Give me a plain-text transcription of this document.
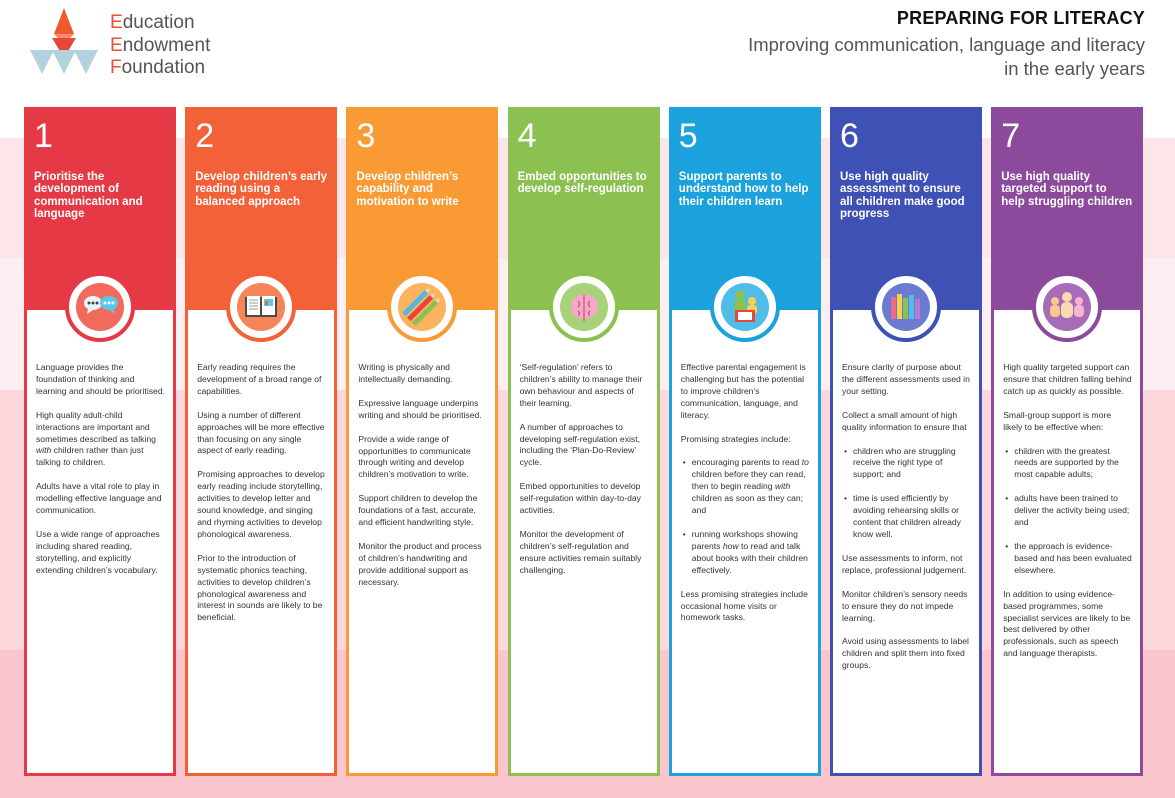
Education
Endowment
Foundation
PREPARING FOR LITERACY
Improving communication, language and literacy in the early years
1
Prioritise the development of communication and language

Language provides the foundation of thinking and learning and should be prioritised.

High quality adult-child interactions are important and sometimes described as talking with children rather than just talking to children.

Adults have a vital role to play in modelling effective language and communication.

Use a wide range of approaches including shared reading, storytelling, and explicitly extending children’s vocabulary.

2
Develop children’s early reading using a balanced approach

Early reading requires the development of a broad range of capabilities.

Using a number of different approaches will be more effective than focusing on any single aspect of early reading.

Promising approaches to develop early reading include storytelling, activities to develop letter and sound knowledge, and singing and rhyming activities to develop phonological awareness.

Prior to the introduction of systematic phonics teaching, activities to develop children’s phonological awareness and interest in sounds are likely to be beneficial.

3
Develop children’s capability and motivation to write

Writing is physically and intellectually demanding.

Expressive language underpins writing and should be prioritised.

Provide a wide range of opportunities to communicate through writing and develop children’s motivation to write.

Support children to develop the foundations of a fast, accurate, and efficient handwriting style.

Monitor the product and process of children’s handwriting and provide additional support as necessary.

4
Embed opportunities to develop self-regulation

‘Self-regulation’ refers to children’s ability to manage their own behaviour and aspects of their learning.

A number of approaches to developing self-regulation exist, including the ‘Plan-Do-Review’ cycle.

Embed opportunities to develop self-regulation within day-to-day activities.

Monitor the development of children’s self-regulation and ensure activities remain suitably challenging.

5
Support parents to understand how to help their children learn

Effective parental engagement is challenging but has the potential to improve children’s communication, language, and literacy.

Promising strategies include:

• encouraging parents to read to children before they can read, then to begin reading with children as soon as they can; and
• running workshops showing parents how to read and talk about books with their children effectively.

Less promising strategies include occasional home visits or homework tasks.

6
Use high quality assessment to ensure all children make good progress

Ensure clarity of purpose about the different assessments used in your setting.

Collect a small amount of high quality information to ensure that

• children who are struggling receive the right type of support; and
• time is used efficiently by avoiding rehearsing skills or content that children already know well.

Use assessments to inform, not replace, professional judgement.

Monitor children’s sensory needs to ensure they do not impede learning.

Avoid using assessments to label children and split them into fixed groups.

7
Use high quality targeted support to help struggling children

High quality targeted support can ensure that children falling behind catch up as quickly as possible.

Small-group support is more likely to be effective when:

• children with the greatest needs are supported by the most capable adults;
• adults have been trained to deliver the activity being used; and
• the approach is evidence-based and has been evaluated elsewhere.

In addition to using evidence-based programmes, some specialist services are likely to be best delivered by other professionals, such as speech and language therapists.
